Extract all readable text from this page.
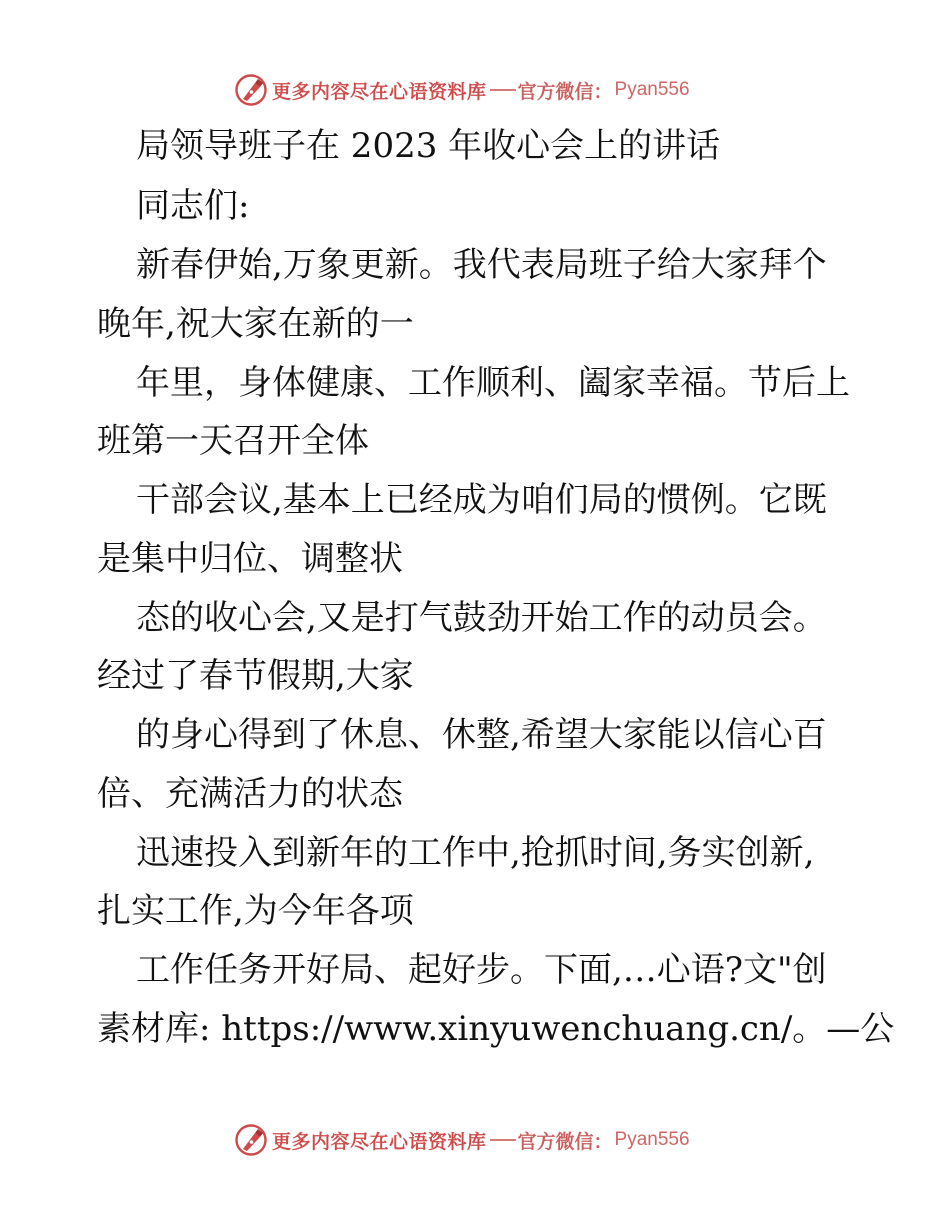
更多内容尽在心语资料库 官方微信： Pyan556
局领导班子在 2023 年收心会上的讲话
同志们:
新春伊始,万象更新。我代表局班子给大家拜个
晚年,祝大家在新的一
年里，身体健康、工作顺利、阖家幸福。节后上
班第一天召开全体
干部会议,基本上已经成为咱们局的惯例。它既
是集中归位、调整状
态的收心会,又是打气鼓劲开始工作的动员会。
经过了春节假期,大家
的身心得到了休息、休整,希望大家能以信心百
倍、充满活力的状态
迅速投入到新年的工作中,抢抓时间,务实创新,
扎实工作,为今年各项
工作任务开好局、起好步。下面,…心语?文"创
素材库: https://www.xinyuwenchuang.cn/。—公
更多内容尽在心语资料库 官方微信： Pyan556
